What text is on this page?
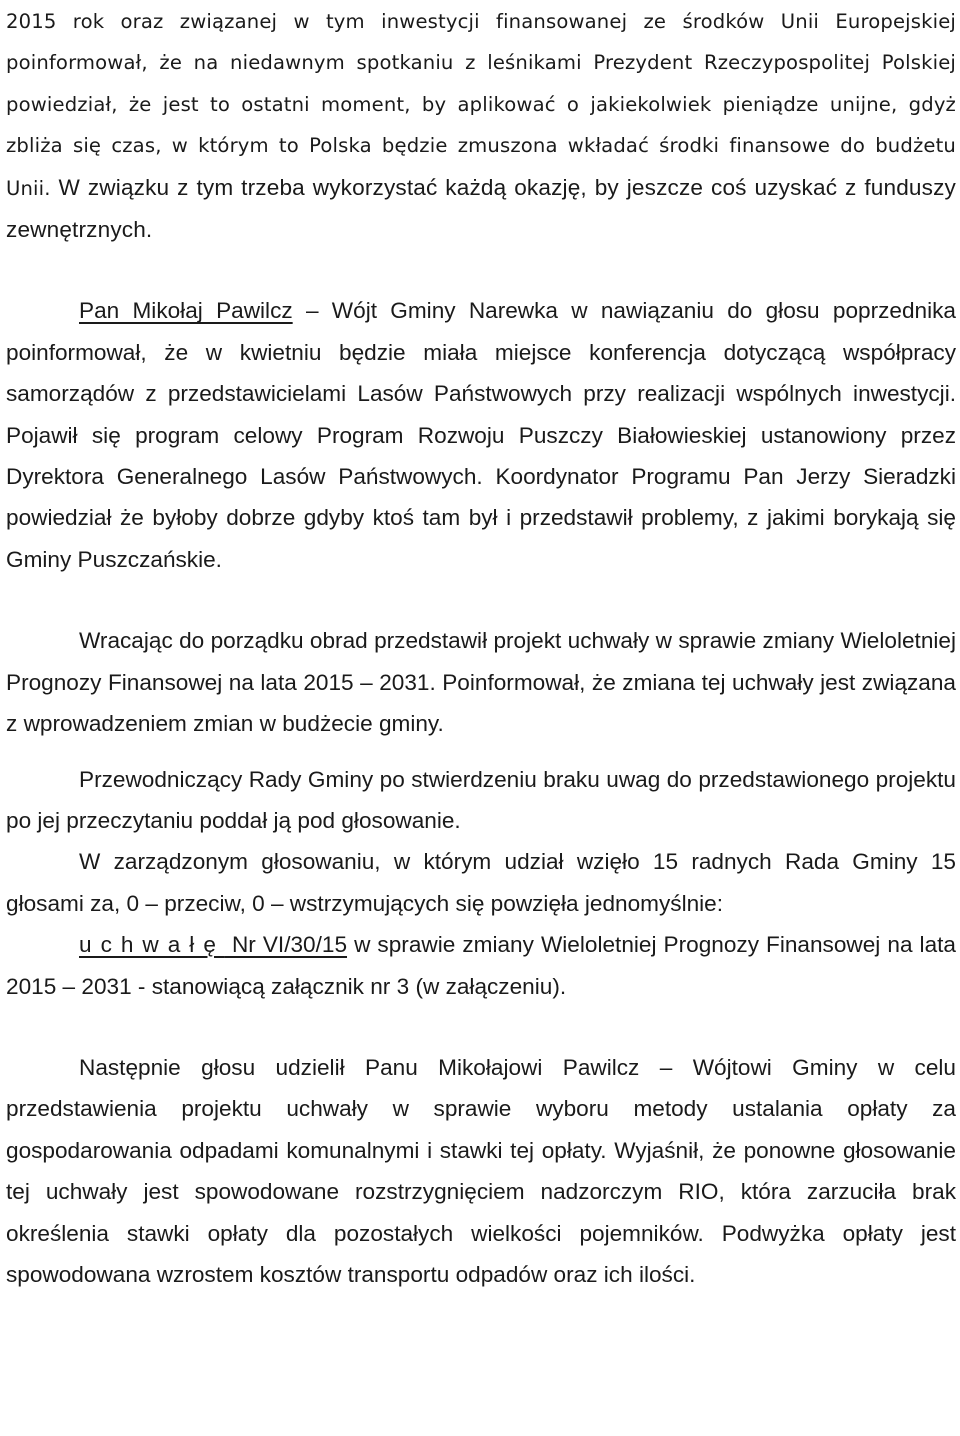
2015 rok oraz związanej w tym inwestycji finansowanej ze środków Unii Europejskiej poinformował, że na niedawnym spotkaniu z leśnikami Prezydent Rzeczypospolitej Polskiej powiedział, że jest to ostatni moment, by aplikować o jakiekolwiek pieniądze unijne, gdyż zbliża się czas, w którym to Polska będzie zmuszona wkładać środki finansowe do budżetu Unii. W związku z tym trzeba wykorzystać każdą okazję, by jeszcze coś uzyskać z funduszy zewnętrznych.

Pan Mikołaj Pawilcz – Wójt Gminy Narewka w nawiązaniu do głosu poprzednika poinformował, że w kwietniu będzie miała miejsce konferencja dotyczącą współpracy samorządów z przedstawicielami Lasów Państwowych przy realizacji wspólnych inwestycji. Pojawił się program celowy Program Rozwoju Puszczy Białowieskiej ustanowiony przez Dyrektora Generalnego Lasów Państwowych. Koordynator Programu Pan Jerzy Sieradzki powiedział że byłoby dobrze gdyby ktoś tam był i przedstawił problemy, z jakimi borykają się Gminy Puszczańskie.

Wracając do porządku obrad przedstawił projekt uchwały w sprawie zmiany Wieloletniej Prognozy Finansowej na lata 2015 – 2031. Poinformował, że zmiana tej uchwały jest związana z wprowadzeniem zmian w budżecie gminy.

Przewodniczący Rady Gminy po stwierdzeniu braku uwag do przedstawionego projektu po jej przeczytaniu poddał ją pod głosowanie.

W zarządzonym głosowaniu, w którym udział wzięło 15 radnych Rada Gminy 15 głosami za, 0 – przeciw, 0 – wstrzymujących się powzięła jednomyślnie:

uchwałę Nr VI/30/15 w sprawie zmiany Wieloletniej Prognozy Finansowej na lata 2015 – 2031 - stanowiącą załącznik nr 3 (w załączeniu).

Następnie głosu udzielił Panu Mikołajowi Pawilcz – Wójtowi Gminy w celu przedstawienia projektu uchwały w sprawie wyboru metody ustalania opłaty za gospodarowania odpadami komunalnymi i stawki tej opłaty. Wyjaśnił, że ponowne głosowanie tej uchwały jest spowodowane rozstrzygnięciem nadzorczym RIO, która zarzuciła brak określenia stawki opłaty dla pozostałych wielkości pojemników. Podwyżka opłaty jest spowodowana wzrostem kosztów transportu odpadów oraz ich ilości.
